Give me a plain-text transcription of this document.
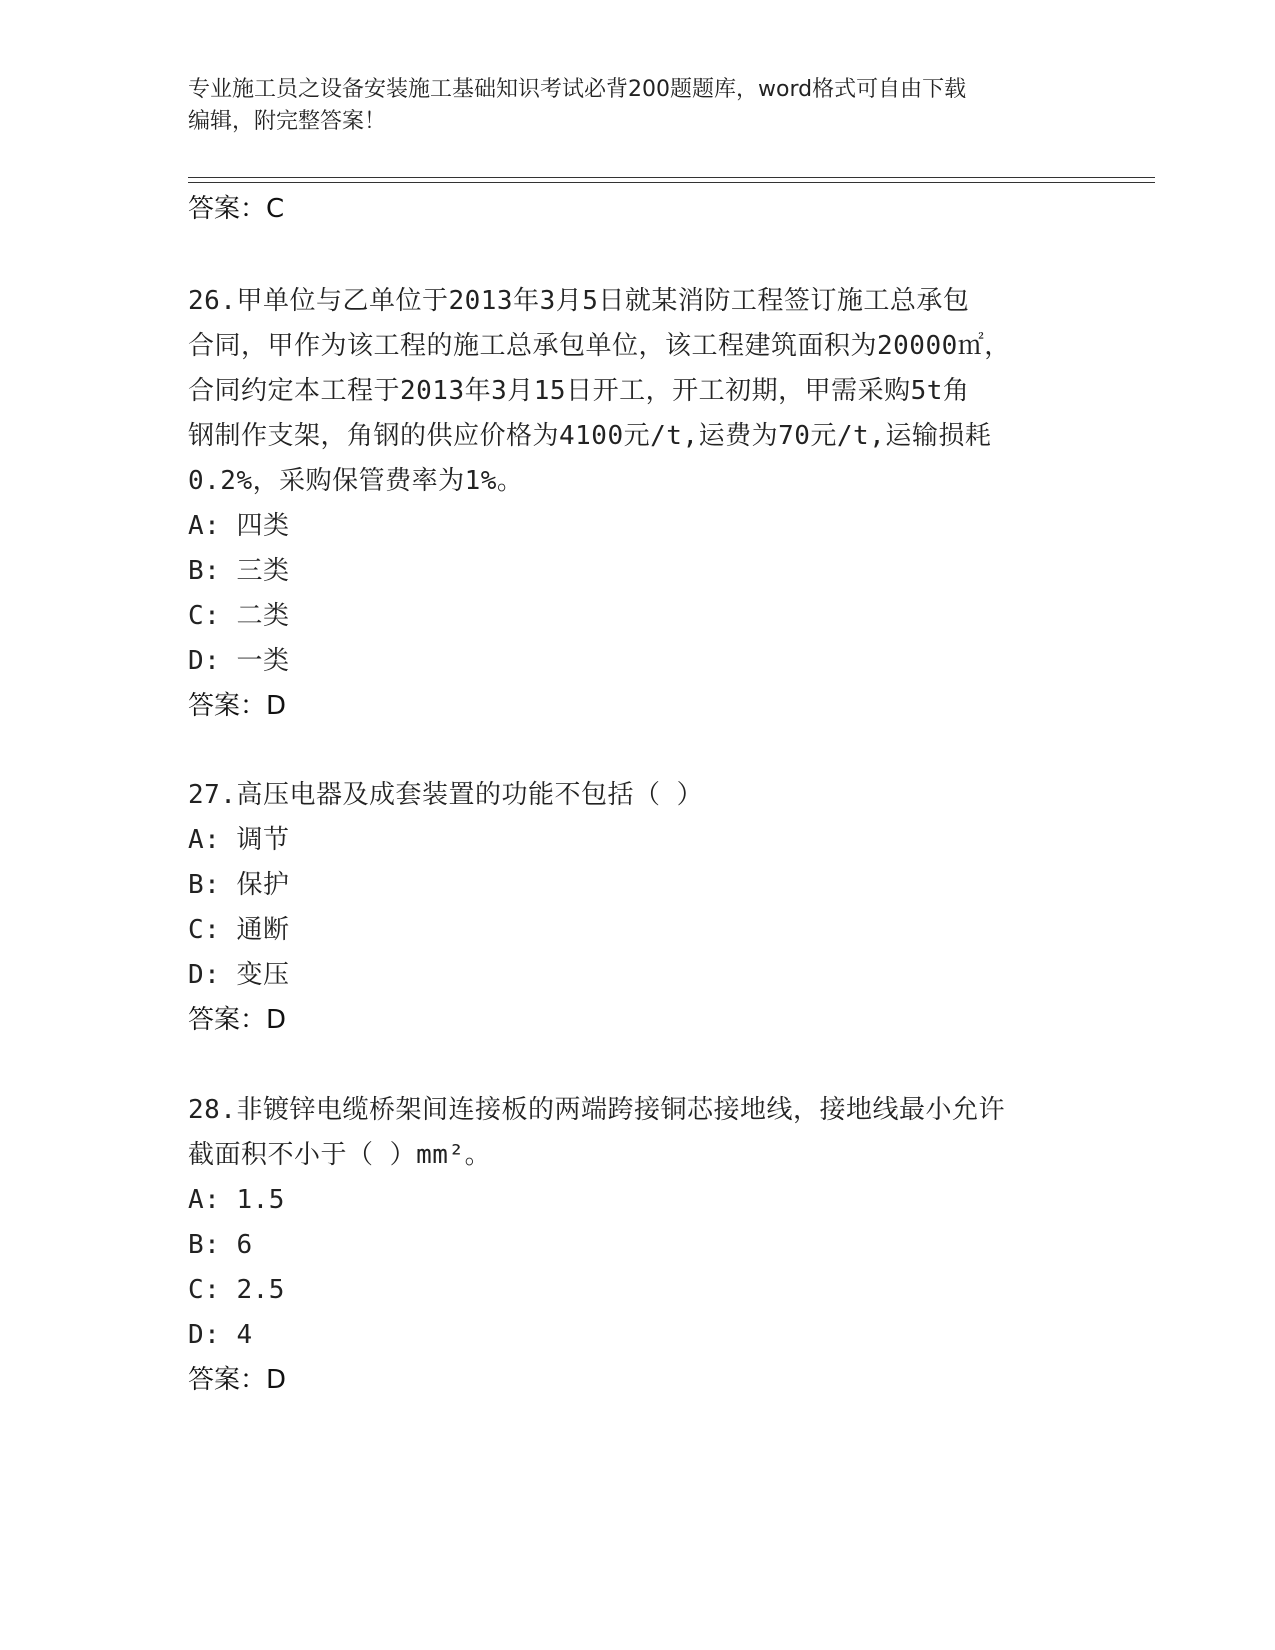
专业施工员之设备安装施工基础知识考试必背200题题库，word格式可自由下载
编辑，附完整答案！
答案：C
26.甲单位与乙单位于2013年3月5日就某消防工程签订施工总承包
合同，甲作为该工程的施工总承包单位，该工程建筑面积为20000㎡，
合同约定本工程于2013年3月15日开工，开工初期，甲需采购5t角
钢制作支架，角钢的供应价格为4100元/t,运费为70元/t,运输损耗
0.2%，采购保管费率为1%。
A: 四类
B: 三类
C: 二类
D: 一类
答案：D
27.高压电器及成套装置的功能不包括（ ）
A: 调节
B: 保护
C: 通断
D: 变压
答案：D
28.非镀锌电缆桥架间连接板的两端跨接铜芯接地线，接地线最小允许
截面积不小于（ ）mm²。
A: 1.5
B: 6
C: 2.5
D: 4
答案：D
